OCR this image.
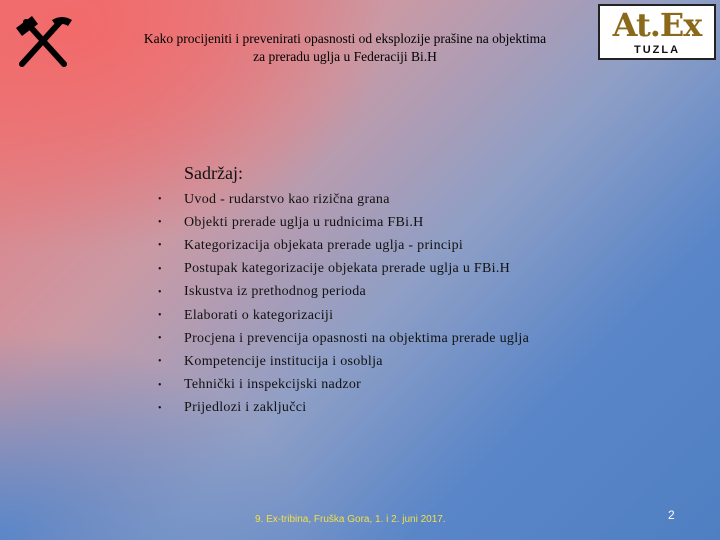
Kako procijeniti i prevenirati opasnosti od eksplozije prašine na objektima za preradu uglja u Federaciji Bi.H
At.Ex
TUZLA
Sadržaj:
•	Uvod - rudarstvo kao rizična grana
•	Objekti prerade uglja u rudnicima FBi.H
•	Kategorizacija objekata prerade uglja - principi
•	Postupak kategorizacije objekata prerade uglja u FBi.H
•	Iskustva iz prethodnog perioda
•	Elaborati o kategorizaciji
•	Procjena i prevencija opasnosti na objektima prerade uglja
•	Kompetencije institucija i osoblja
•	Tehnički i inspekcijski nadzor
•	Prijedlozi i zaključci
9. Ex-tribina, Fruška Gora, 1. i 2. juni 2017.	2
